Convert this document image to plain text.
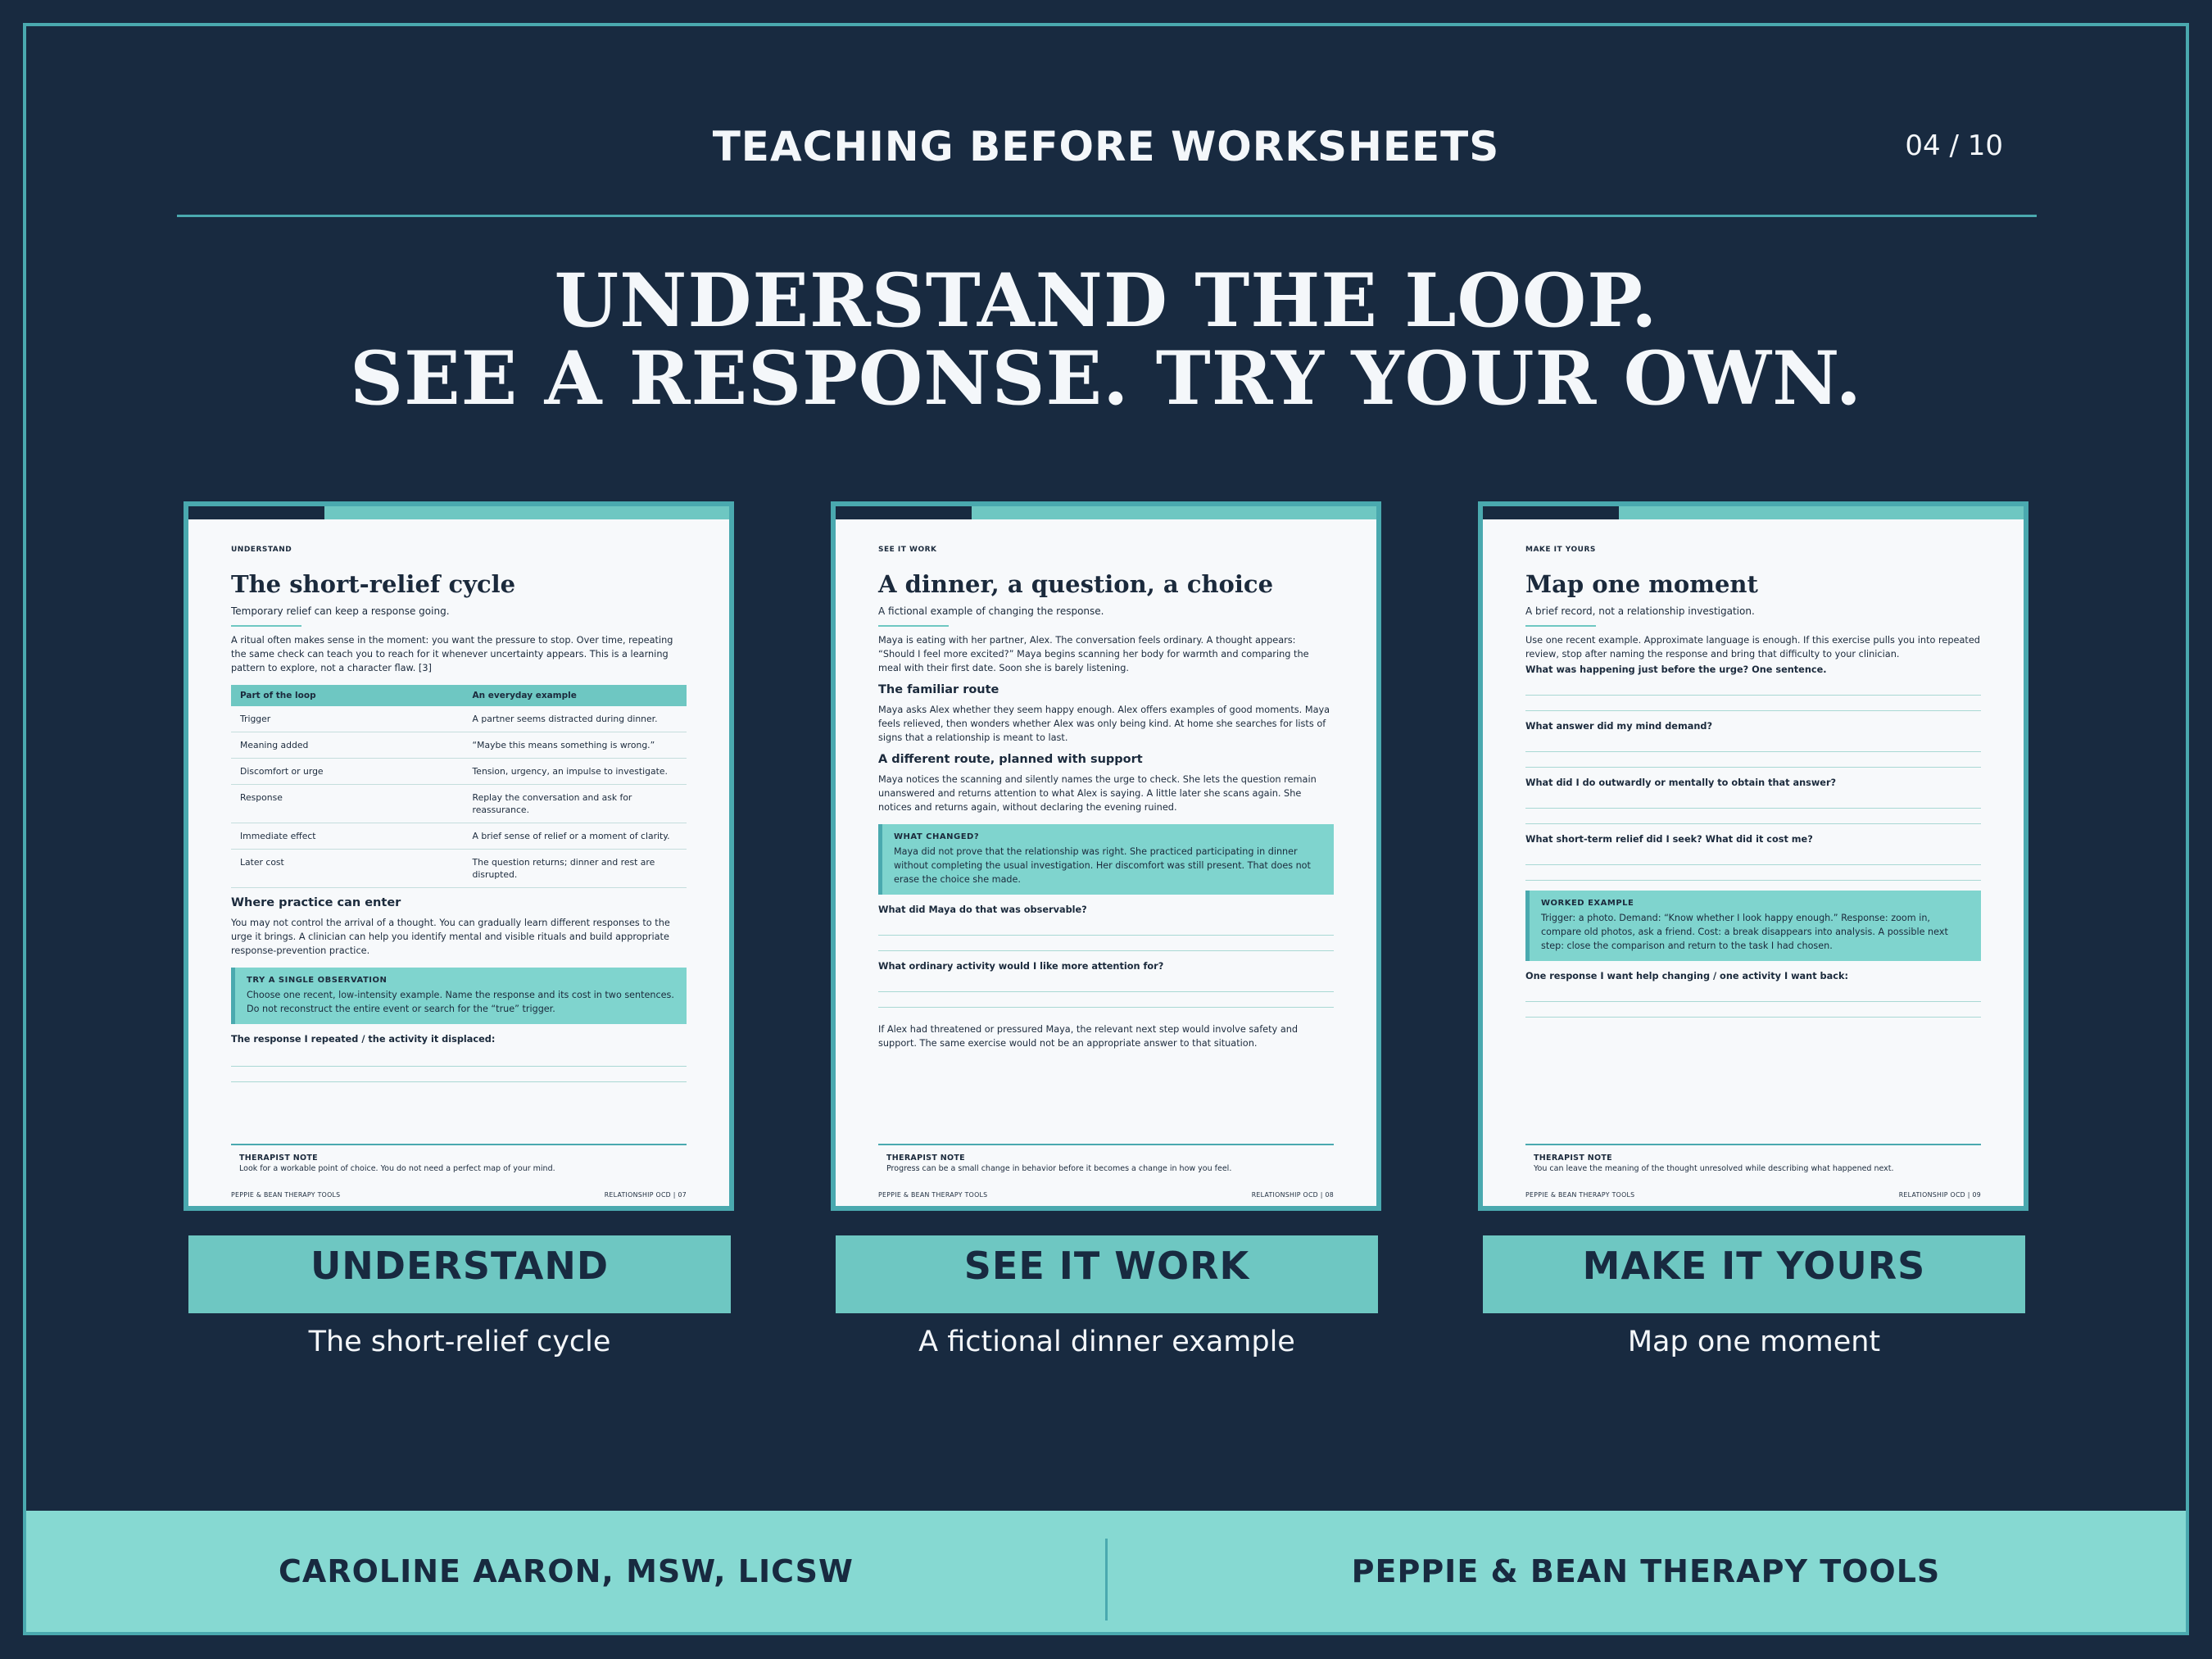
TEACHING BEFORE WORKSHEETS	04 / 10
UNDERSTAND THE LOOP.
SEE A RESPONSE. TRY YOUR OWN.
UNDERSTAND
The short-relief cycle
Temporary relief can keep a response going.
A ritual often makes sense in the moment: you want the pressure to stop. Over time, repeating the same check can teach you to reach for it whenever uncertainty appears. This is a learning pattern to explore, not a character flaw. [3]
Part of the loop	An everyday example
Trigger	A partner seems distracted during dinner.
Meaning added	“Maybe this means something is wrong.”
Discomfort or urge	Tension, urgency, an impulse to investigate.
Response	Replay the conversation and ask for reassurance.
Immediate effect	A brief sense of relief or a moment of clarity.
Later cost	The question returns; dinner and rest are disrupted.
Where practice can enter
You may not control the arrival of a thought. You can gradually learn different responses to the urge it brings. A clinician can help you identify mental and visible rituals and build appropriate response-prevention practice.
TRY A SINGLE OBSERVATION
Choose one recent, low-intensity example. Name the response and its cost in two sentences. Do not reconstruct the entire event or search for the “true” trigger.
The response I repeated / the activity it displaced:
THERAPIST NOTE
Look for a workable point of choice. You do not need a perfect map of your mind.
PEPPIE & BEAN THERAPY TOOLS	RELATIONSHIP OCD | 07
SEE IT WORK
A dinner, a question, a choice
A fictional example of changing the response.
Maya is eating with her partner, Alex. The conversation feels ordinary. A thought appears: “Should I feel more excited?” Maya begins scanning her body for warmth and comparing the meal with their first date. Soon she is barely listening.
The familiar route
Maya asks Alex whether they seem happy enough. Alex offers examples of good moments. Maya feels relieved, then wonders whether Alex was only being kind. At home she searches for lists of signs that a relationship is meant to last.
A different route, planned with support
Maya notices the scanning and silently names the urge to check. She lets the question remain unanswered and returns attention to what Alex is saying. A little later she scans again. She notices and returns again, without declaring the evening ruined.
WHAT CHANGED?
Maya did not prove that the relationship was right. She practiced participating in dinner without completing the usual investigation. Her discomfort was still present. That does not erase the choice she made.
What did Maya do that was observable?
What ordinary activity would I like more attention for?
If Alex had threatened or pressured Maya, the relevant next step would involve safety and support. The same exercise would not be an appropriate answer to that situation.
THERAPIST NOTE
Progress can be a small change in behavior before it becomes a change in how you feel.
PEPPIE & BEAN THERAPY TOOLS	RELATIONSHIP OCD | 08
MAKE IT YOURS
Map one moment
A brief record, not a relationship investigation.
Use one recent example. Approximate language is enough. If this exercise pulls you into repeated review, stop after naming the response and bring that difficulty to your clinician.
What was happening just before the urge? One sentence.
What answer did my mind demand?
What did I do outwardly or mentally to obtain that answer?
What short-term relief did I seek? What did it cost me?
WORKED EXAMPLE
Trigger: a photo. Demand: “Know whether I look happy enough.” Response: zoom in, compare old photos, ask a friend. Cost: a break disappears into analysis. A possible next step: close the comparison and return to the task I had chosen.
One response I want help changing / one activity I want back:
THERAPIST NOTE
You can leave the meaning of the thought unresolved while describing what happened next.
PEPPIE & BEAN THERAPY TOOLS	RELATIONSHIP OCD | 09
UNDERSTAND
The short-relief cycle
SEE IT WORK
A fictional dinner example
MAKE IT YOURS
Map one moment
CAROLINE AARON, MSW, LICSW	PEPPIE & BEAN THERAPY TOOLS
